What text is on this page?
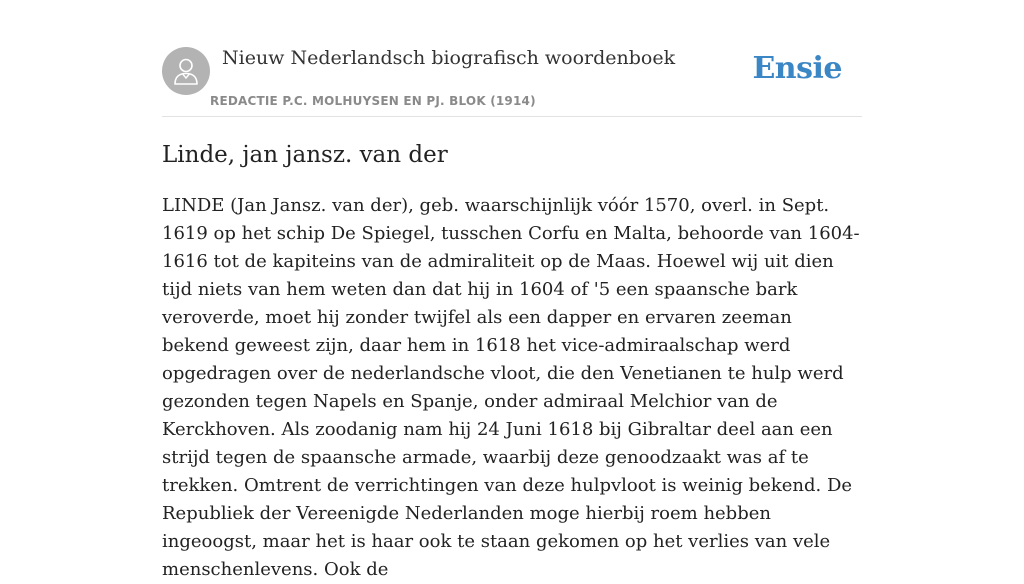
Nieuw Nederlandsch biografisch woordenboek
REDACTIE P.C. MOLHUYSEN EN PJ. BLOK (1914)
Ensie
Linde, jan jansz. van der

LINDE (Jan Jansz. van der), geb. waarschijnlijk vóór 1570, overl. in Sept. 1619 op het schip De Spiegel, tusschen Corfu en Malta, behoorde van 1604-1616 tot de kapiteins van de admiraliteit op de Maas. Hoewel wij uit dien tijd niets van hem weten dan dat hij in 1604 of '5 een spaansche bark veroverde, moet hij zonder twijfel als een dapper en ervaren zeeman bekend geweest zijn, daar hem in 1618 het vice-admiraalschap werd opgedragen over de nederlandsche vloot, die den Venetianen te hulp werd gezonden tegen Napels en Spanje, onder admiraal Melchior van de Kerckhoven. Als zoodanig nam hij 24 Juni 1618 bij Gibraltar deel aan een strijd tegen de spaansche armade, waarbij deze genoodzaakt was af te trekken. Omtrent de verrichtingen van deze hulpvloot is weinig bekend. De Republiek der Vereenigde Nederlanden moge hierbij roem hebben ingeoogst, maar het is haar ook te staan gekomen op het verlies van vele menschenlevens. Ook de
